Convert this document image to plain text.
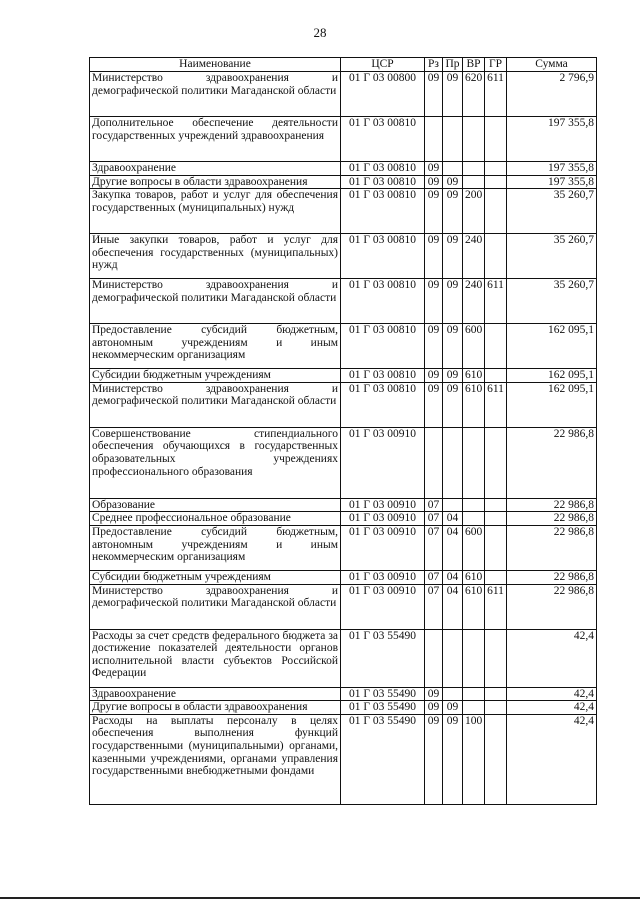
28
Наименование	ЦСР	Рз	Пр	ВР	ГР	Сумма
Министерство здравоохранения и демографической политики Магаданской области	01 Г 03 00800	09	09	620	611	2 796,9
Дополнительное обеспечение деятельности государственных учреждений здравоохранения	01 Г 03 00810					197 355,8
Здравоохранение	01 Г 03 00810	09				197 355,8
Другие вопросы в области здравоохранения	01 Г 03 00810	09	09			197 355,8
Закупка товаров, работ и услуг для обеспечения государственных (муниципальных) нужд	01 Г 03 00810	09	09	200		35 260,7
Иные закупки товаров, работ и услуг для обеспечения государственных (муниципальных) нужд	01 Г 03 00810	09	09	240		35 260,7
Министерство здравоохранения и демографической политики Магаданской области	01 Г 03 00810	09	09	240	611	35 260,7
Предоставление субсидий бюджетным, автономным учреждениям и иным некоммерческим организациям	01 Г 03 00810	09	09	600		162 095,1
Субсидии бюджетным учреждениям	01 Г 03 00810	09	09	610		162 095,1
Министерство здравоохранения и демографической политики Магаданской области	01 Г 03 00810	09	09	610	611	162 095,1
Совершенствование стипендиального обеспечения обучающихся в государственных образовательных учреждениях профессионального образования	01 Г 03 00910					22 986,8
Образование	01 Г 03 00910	07				22 986,8
Среднее профессиональное образование	01 Г 03 00910	07	04			22 986,8
Предоставление субсидий бюджетным, автономным учреждениям и иным некоммерческим организациям	01 Г 03 00910	07	04	600		22 986,8
Субсидии бюджетным учреждениям	01 Г 03 00910	07	04	610		22 986,8
Министерство здравоохранения и демографической политики Магаданской области	01 Г 03 00910	07	04	610	611	22 986,8
Расходы за счет средств федерального бюджета за достижение показателей деятельности органов исполнительной власти субъектов Российской Федерации	01 Г 03 55490					42,4
Здравоохранение	01 Г 03 55490	09				42,4
Другие вопросы в области здравоохранения	01 Г 03 55490	09	09			42,4
Расходы на выплаты персоналу в целях обеспечения выполнения функций государственными (муниципальными) органами, казенными учреждениями, органами управления государственными внебюджетными фондами	01 Г 03 55490	09	09	100		42,4
